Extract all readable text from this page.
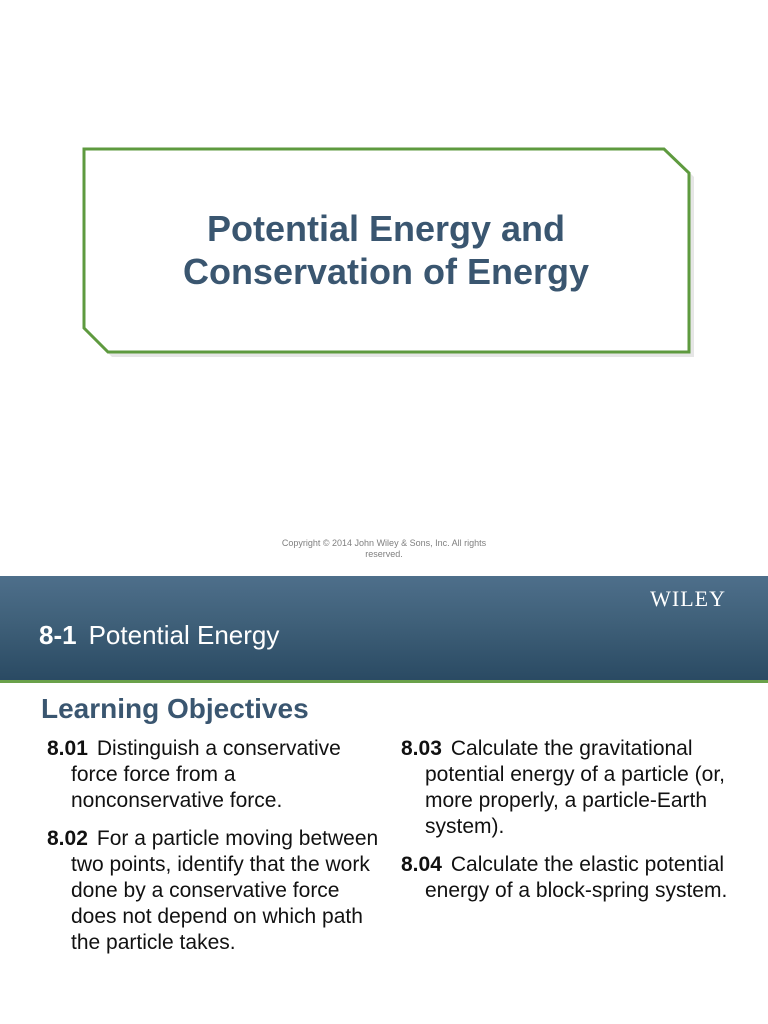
Potential Energy and
Conservation of Energy
Copyright © 2014 John Wiley & Sons, Inc. All rights
reserved.
WILEY
8-1 Potential Energy
Learning Objectives
8.01 Distinguish a conservative force force from a nonconservative force.
8.02 For a particle moving between two points, identify that the work done by a conservative force does not depend on which path the particle takes.
8.03 Calculate the gravitational potential energy of a particle (or, more properly, a particle-Earth system).
8.04 Calculate the elastic potential energy of a block-spring system.
